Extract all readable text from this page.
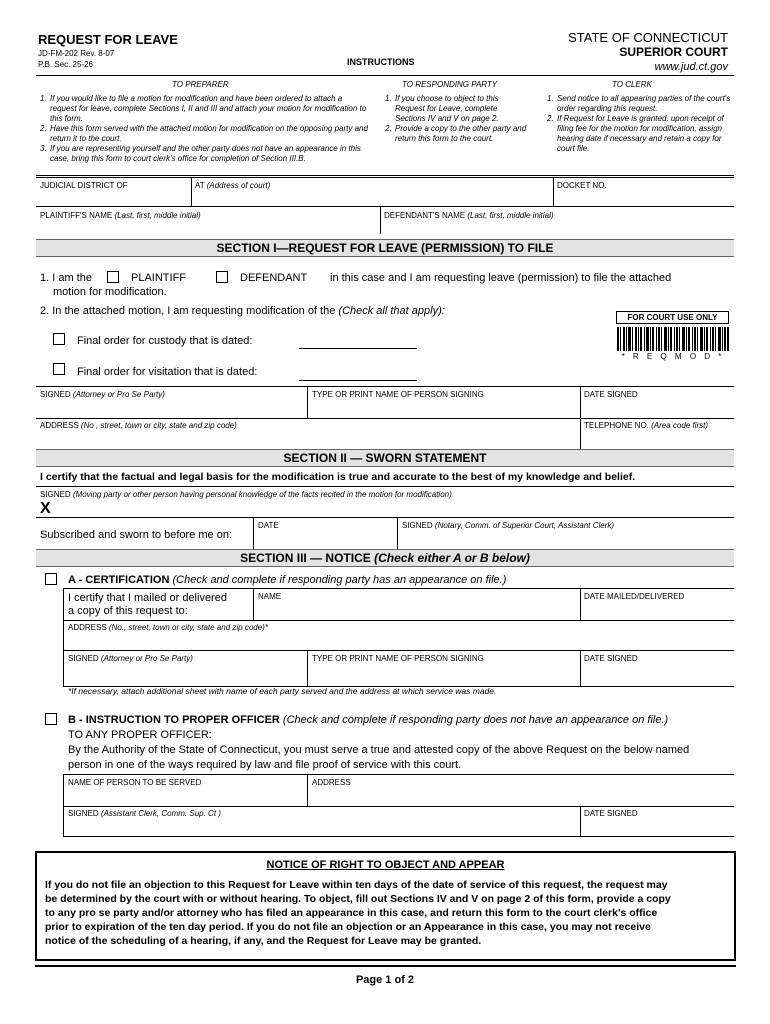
REQUEST FOR LEAVE
JD-FM-202 Rev. 8-07
P.B. Sec. 25-26	INSTRUCTIONS
STATE OF CONNECTICUT
SUPERIOR COURT
www.jud.ct.gov
TO PREPARER	TO RESPONDING PARTY	TO CLERK
1. If you would like to file a motion for modification and have been ordered to attach a request for leave, complete Sections I, II and III and attach your motion for modification to this form.
2. Have this form served with the attached motion for modification on the opposing party and return it to the court.
3. If you are representing yourself and the other party does not have an appearance in this case, bring this form to court clerk's office for completion of Section III.B.
1. If you choose to object to this Request for Leave, complete Sections IV and V on page 2.
2. Provide a copy to the other party and return this form to the court.
1. Send notice to all appearing parties of the court's order regarding this request.
2. If Request for Leave is granted, upon receipt of filing fee for the motion for modification, assign hearing date if necessary and retain a copy for court file.
JUDICIAL DISTRICT OF	AT (Address of court)	DOCKET NO.
PLAINTIFF'S NAME (Last, first, middle initial)	DEFENDANT'S NAME (Last, first, middle initial)
SECTION I—REQUEST FOR LEAVE (PERMISSION) TO FILE
1. I am the	PLAINTIFF	DEFENDANT in this case and I am requesting leave (permission) to file the attached
motion for modification.
2. In the attached motion, I am requesting modification of the (Check all that apply):
Final order for custody that is dated:
Final order for visitation that is dated:
FOR COURT USE ONLY
* R E Q M O D *
SIGNED (Attorney or Pro Se Party)	TYPE OR PRINT NAME OF PERSON SIGNING	DATE SIGNED
ADDRESS (No , street, town or city, state and zip code)	TELEPHONE NO. (Area code first)
SECTION II — SWORN STATEMENT
I certify that the factual and legal basis for the modification is true and accurate to the best of my knowledge and belief.
SIGNED (Moving party or other person having personal knowledge of the facts recited in the motion for modification)
X
Subscribed and sworn to before me on:
DATE	SIGNED (Notary, Comm. of Superior Court, Assistant Clerk)
SECTION III — NOTICE (Check either A or B below)
A - CERTIFICATION (Check and complete if responding party has an appearance on file.)
I certify that I mailed or delivered
a copy of this request to:
NAME	DATE MAILED/DELIVERED
ADDRESS (No., street, town or city, state and zip code)*
SIGNED (Attorney or Pro Se Party)	TYPE OR PRINT NAME OF PERSON SIGNING	DATE SIGNED
*If necessary, attach additional sheet with name of each party served and the address at which service was made.
B - INSTRUCTION TO PROPER OFFICER (Check and complete if responding party does not have an appearance on file.)
TO ANY PROPER OFFICER:
By the Authority of the State of Connecticut, you must serve a true and attested copy of the above Request on the below named
person in one of the ways required by law and file proof of service with this court.
NAME OF PERSON TO BE SERVED	ADDRESS
SIGNED (Assistant Clerk, Comm. Sup. Ct )	DATE SIGNED
NOTICE OF RIGHT TO OBJECT AND APPEAR
If you do not file an objection to this Request for Leave within ten days of the date of service of this request, the request may
be determined by the court with or without hearing. To object, fill out Sections IV and V on page 2 of this form, provide a copy
to any pro se party and/or attorney who has filed an appearance in this case, and return this form to the court clerk's office
prior to expiration of the ten day period. If you do not file an objection or an Appearance in this case, you may not receive
notice of the scheduling of a hearing, if any, and the Request for Leave may be granted.
Page 1 of 2
